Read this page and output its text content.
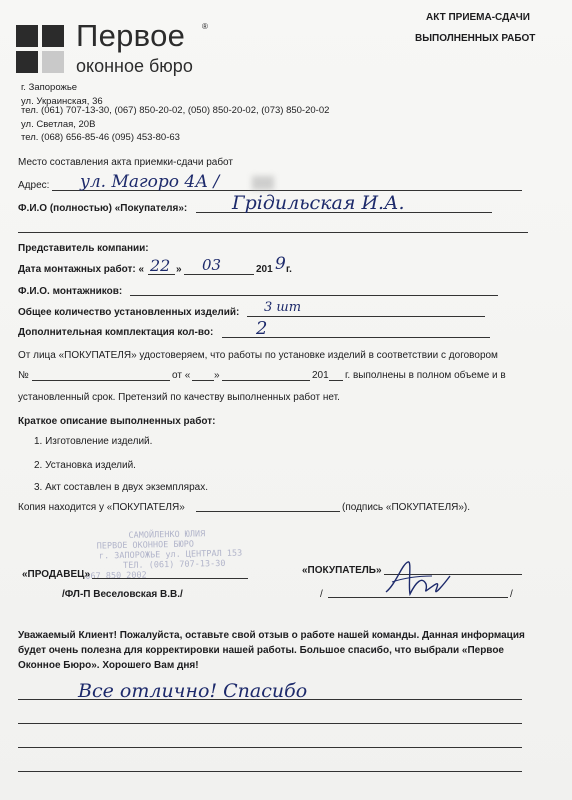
Первое ®
оконное бюро
АКТ ПРИЕМА-СДАЧИ
ВЫПОЛНЕННЫХ РАБОТ
г. Запорожье
ул. Украинская, 36
тел. (061) 707-13-30, (067) 850-20-02, (050) 850-20-02, (073) 850-20-02
ул. Светлая, 20В
тел. (068) 656-85-46 (095) 453-80-63
Место составления акта приемки-сдачи работ
Адрес: ул. Магоро 4А /
Ф.И.О (полностью) «Покупателя»: Грідильская И.А.
Представитель компании:
Дата монтажных работ: « 22 » 03	201 9 г.
Ф.И.О. монтажников:
Общее количество установленных изделий: 3 шт
Дополнительная комплектация кол-во: 2
От лица «ПОКУПАТЕЛЯ» удостоверяем, что работы по установке изделий в соответствии с договором
№	от « »	201 г. выполнены в полном объеме и в
установленный срок. Претензий по качеству выполненных работ нет.
Краткое описание выполненных работ:
1. Изготовление изделий.
2. Установка изделий.
3. Акт составлен в двух экземплярах.
Копия находится у «ПОКУПАТЕЛЯ»	(подпись «ПОКУПАТЕЛЯ»).
САМОЙЛЕНКО ЮЛИЯ
ПЕРВОЕ ОКОННОЕ БЮРО
г. ЗАПОРОЖЬЕ ул. ЦЕНТРАЛ 153
ТЕЛ. (061) 707-13-30
067 850 2002
«ПРОДАВЕЦ»
/ФЛ-П Веселовская В.В./
«ПОКУПАТЕЛЬ»
/	/
Уважаемый Клиент! Пожалуйста, оставьте свой отзыв о работе нашей команды. Данная информация
будет очень полезна для корректировки нашей работы. Большое спасибо, что выбрали «Первое
Оконное Бюро». Хорошего Вам дня!
Все отлично! Спасибо
